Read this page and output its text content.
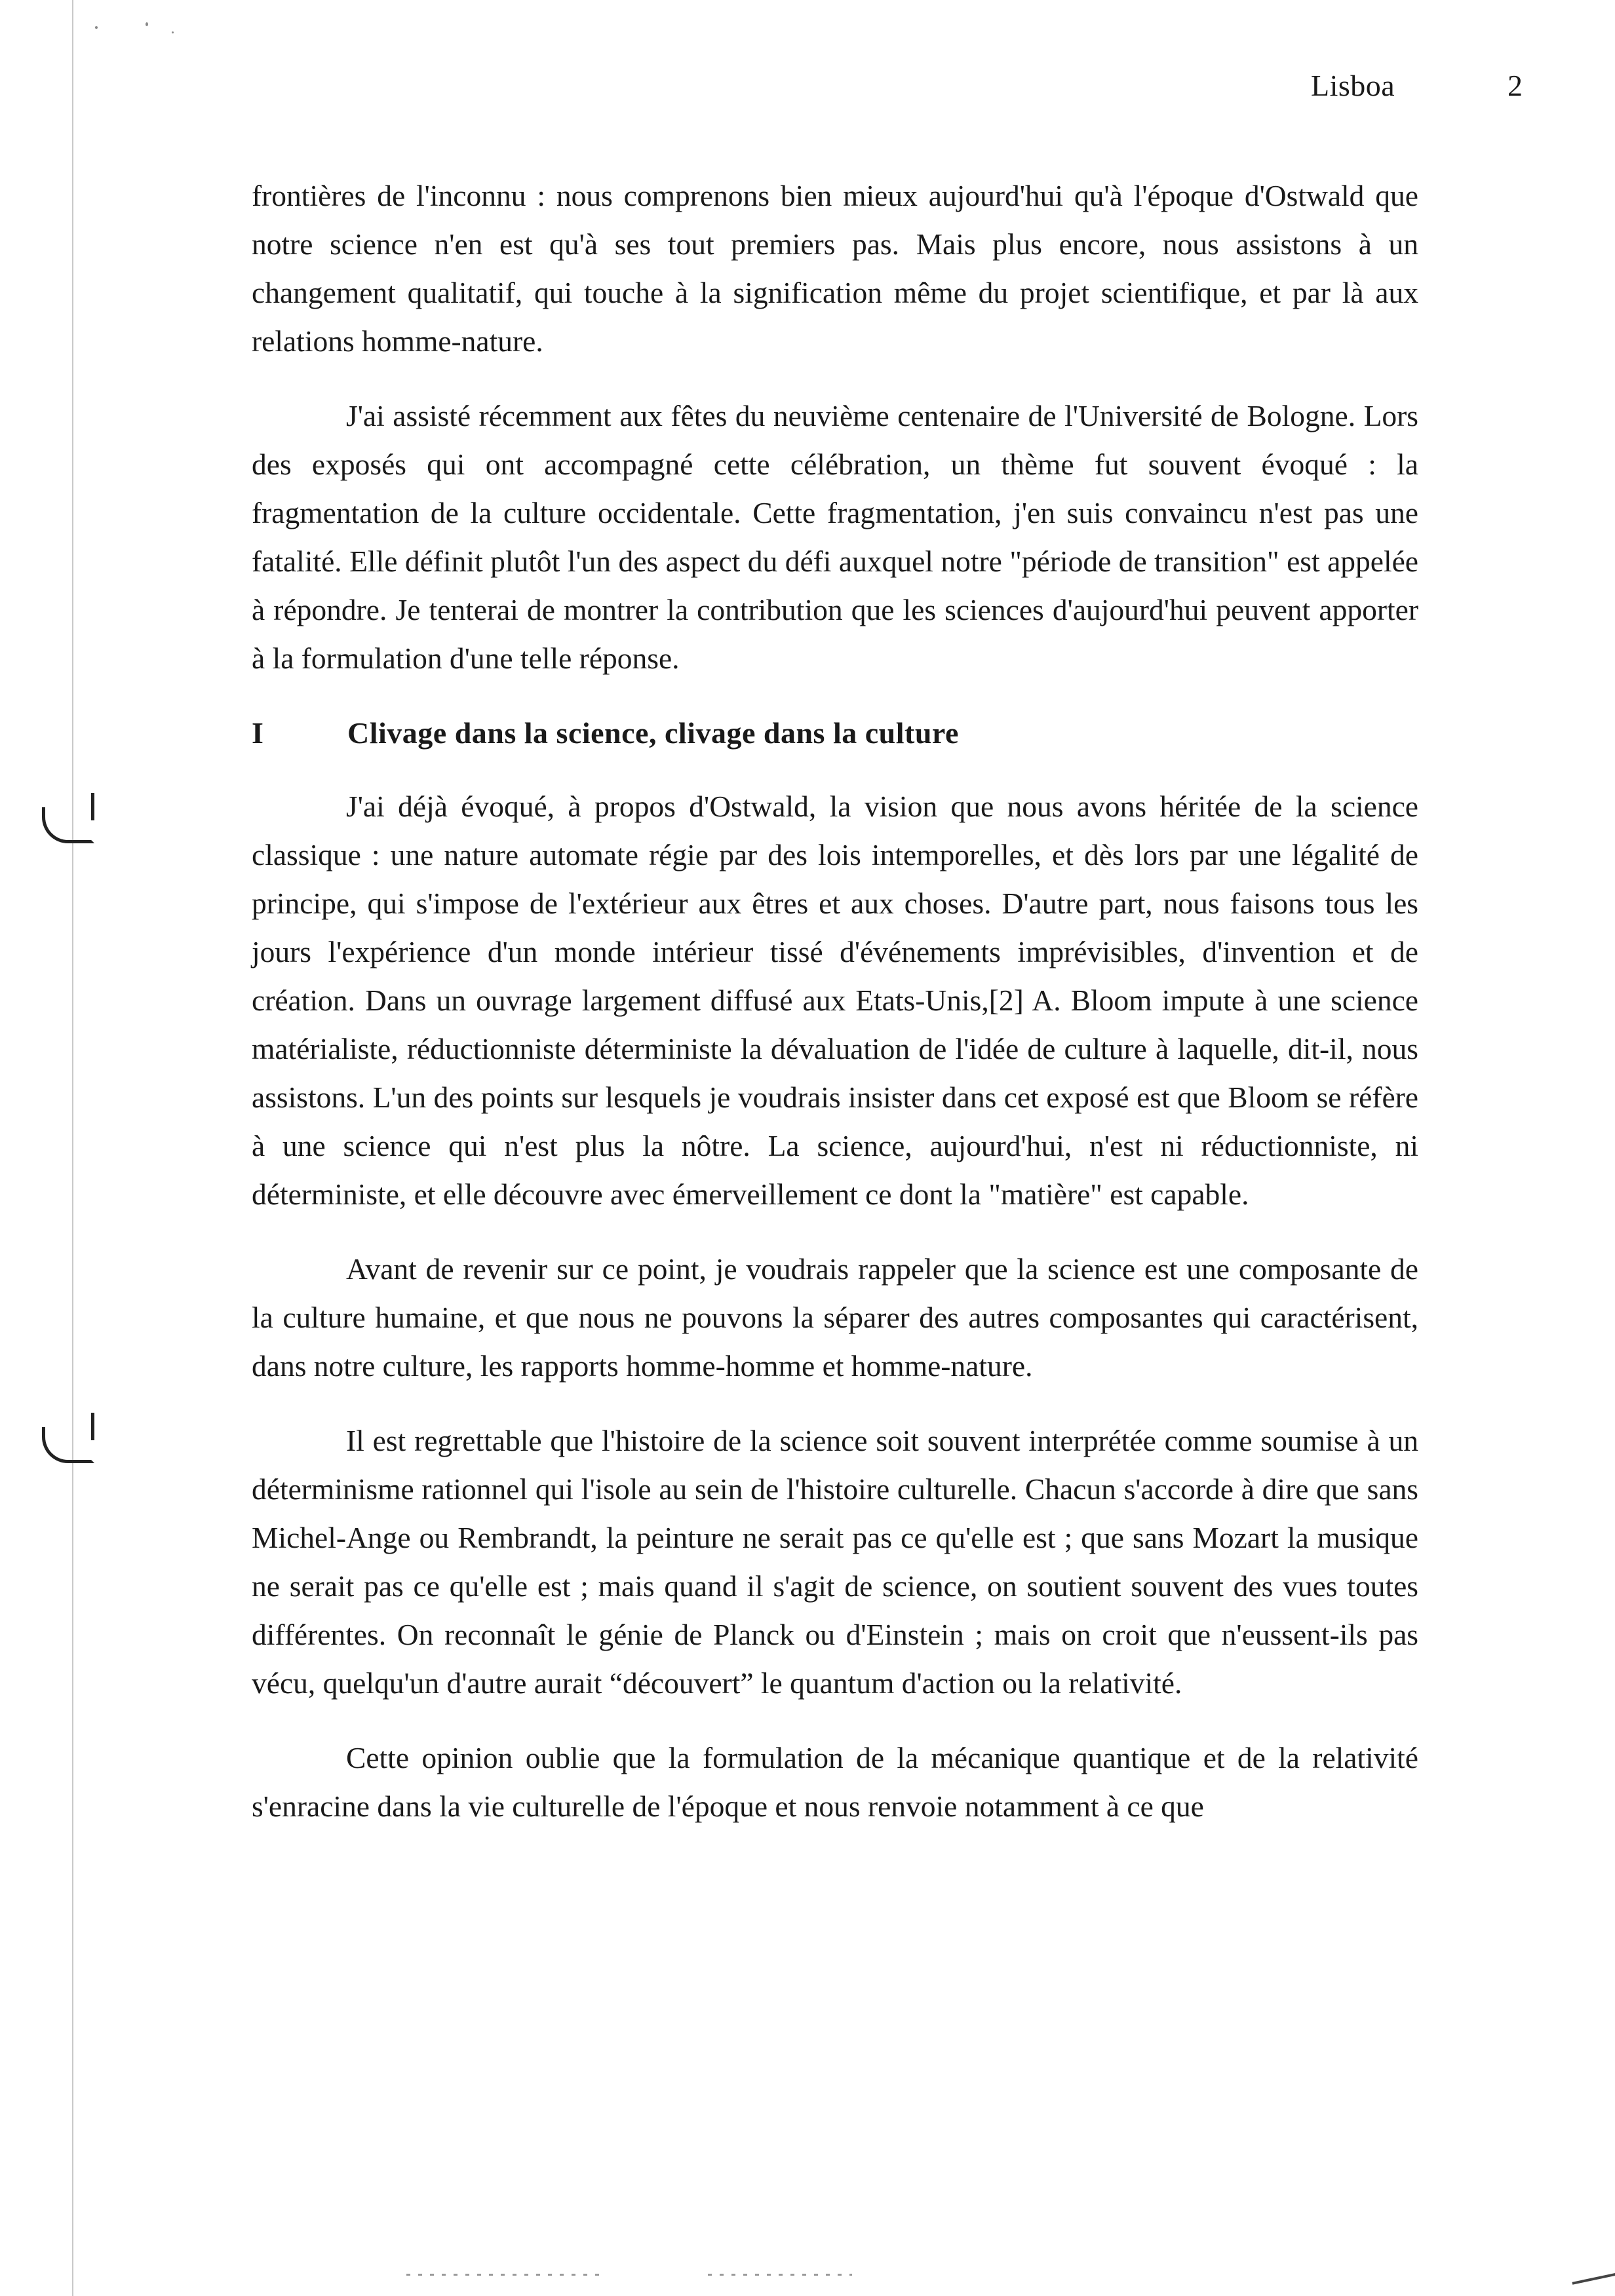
Lisboa	2

frontières de l'inconnu : nous comprenons bien mieux aujourd'hui qu'à l'époque d'Ostwald que notre science n'en est qu'à ses tout premiers pas. Mais plus encore, nous assistons à un changement qualitatif, qui touche à la signification même du projet scientifique, et par là aux relations homme-nature.

J'ai assisté récemment aux fêtes du neuvième centenaire de l'Université de Bologne. Lors des exposés qui ont accompagné cette célébration, un thème fut souvent évoqué : la fragmentation de la culture occidentale. Cette fragmentation, j'en suis convaincu n'est pas une fatalité. Elle définit plutôt l'un des aspect du défi auxquel notre "période de transition" est appelée à répondre. Je tenterai de montrer la contribution que les sciences d'aujourd'hui peuvent apporter à la formulation d'une telle réponse.

I	Clivage dans la science, clivage dans la culture

J'ai déjà évoqué, à propos d'Ostwald, la vision que nous avons héritée de la science classique : une nature automate régie par des lois intemporelles, et dès lors par une légalité de principe, qui s'impose de l'extérieur aux êtres et aux choses. D'autre part, nous faisons tous les jours l'expérience d'un monde intérieur tissé d'événements imprévisibles, d'invention et de création. Dans un ouvrage largement diffusé aux Etats-Unis,[2] A. Bloom impute à une science matérialiste, réductionniste déterministe la dévaluation de l'idée de culture à laquelle, dit-il, nous assistons. L'un des points sur lesquels je voudrais insister dans cet exposé est que Bloom se réfère à une science qui n'est plus la nôtre. La science, aujourd'hui, n'est ni réductionniste, ni déterministe, et elle découvre avec émerveillement ce dont la "matière" est capable.

Avant de revenir sur ce point, je voudrais rappeler que la science est une composante de la culture humaine, et que nous ne pouvons la séparer des autres composantes qui caractérisent, dans notre culture, les rapports homme-homme et homme-nature.

Il est regrettable que l'histoire de la science soit souvent interprétée comme soumise à un déterminisme rationnel qui l'isole au sein de l'histoire culturelle. Chacun s'accorde à dire que sans Michel-Ange ou Rembrandt, la peinture ne serait pas ce qu'elle est ; que sans Mozart la musique ne serait pas ce qu'elle est ; mais quand il s'agit de science, on soutient souvent des vues toutes différentes. On reconnaît le génie de Planck ou d'Einstein ; mais on croit que n'eussent-ils pas vécu, quelqu'un d'autre aurait “découvert” le quantum d'action ou la relativité.

Cette opinion oublie que la formulation de la mécanique quantique et de la relativité s'enracine dans la vie culturelle de l'époque et nous renvoie notamment à ce que
